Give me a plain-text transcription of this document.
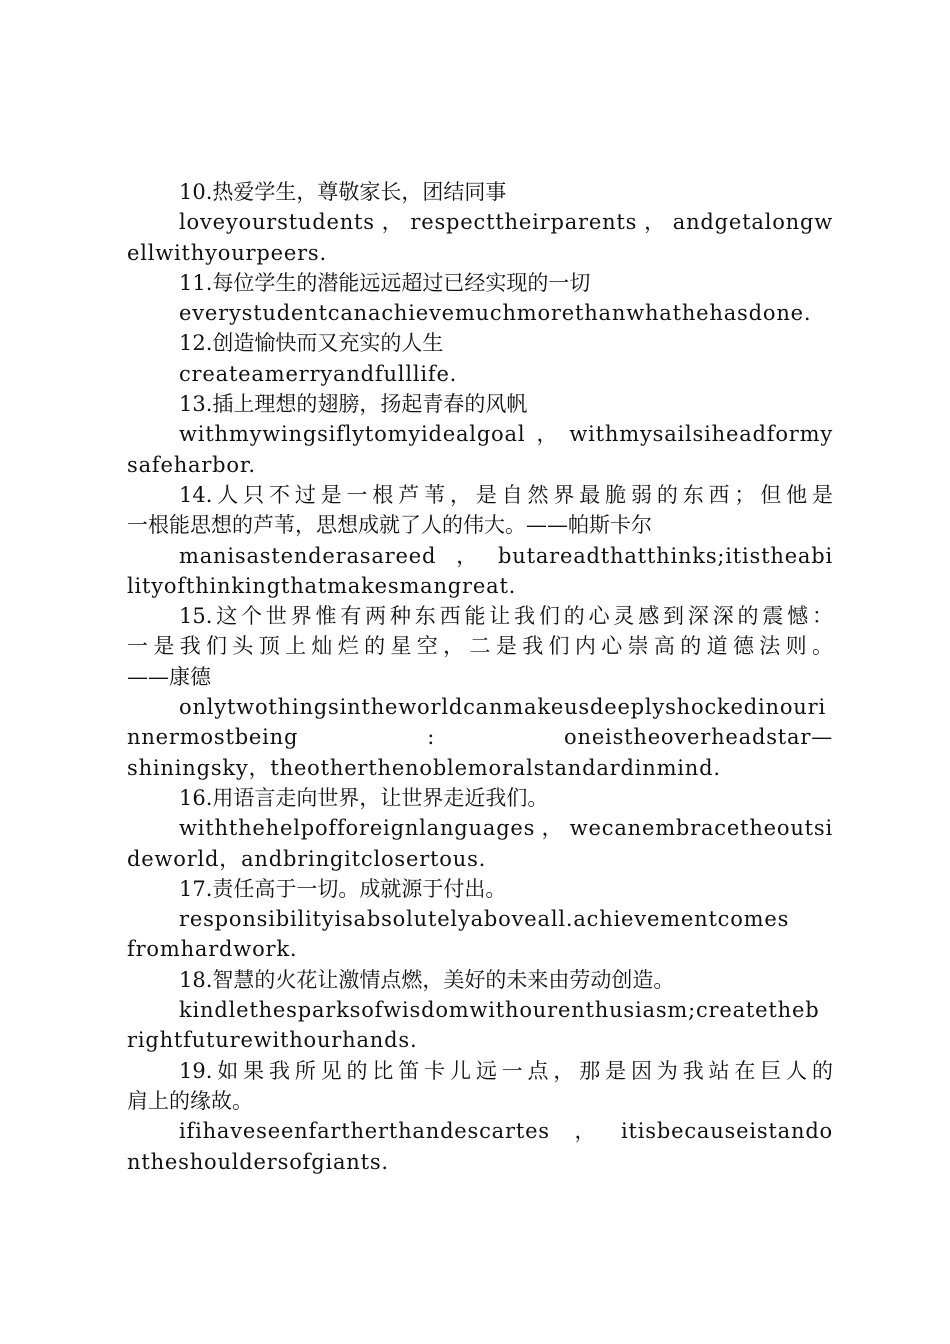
10.热爱学生，尊敬家长，团结同事
loveyourstudents，respecttheirparents，andgetalongw
ellwithyourpeers.
11.每位学生的潜能远远超过已经实现的一切
everystudentcanachievemuchmorethanwhathehasdone.
12.创造愉快而又充实的人生
createamerryandfulllife.
13.插上理想的翅膀，扬起青春的风帆
withmywingsiflytomyidealgoal，withmysailsiheadformy
safeharbor.
14.人只不过是一根芦苇，是自然界最脆弱的东西；但他是
一根能思想的芦苇，思想成就了人的伟大。——帕斯卡尔
manisastenderasareed，butareadthatthinks;itistheabi
lityofthinkingthatmakesmangreat.
15.这个世界惟有两种东西能让我们的心灵感到深深的震憾：
一是我们头顶上灿烂的星空，二是我们内心崇高的道德法则。
——康德
onlytwothingsintheworldcanmakeusdeeplyshockedinouri
nnermostbeing : oneistheoverheadstar—
shiningsky，theotherthenoblemoralstandardinmind.
16.用语言走向世界，让世界走近我们。
withthehelpofforeignlanguages，wecanembracetheoutsi
deworld，andbringitclosertous.
17.责任高于一切。成就源于付出。
responsibilityisabsolutelyaboveall.achievementcomes
fromhardwork.
18.智慧的火花让激情点燃，美好的未来由劳动创造。
kindlethesparksofwisdomwithourenthusiasm;createtheb
rightfuturewithourhands.
19.如果我所见的比笛卡儿远一点，那是因为我站在巨人的
肩上的缘故。
ifihaveseenfartherthandescartes，itisbecauseistando
ntheshouldersofgiants.
